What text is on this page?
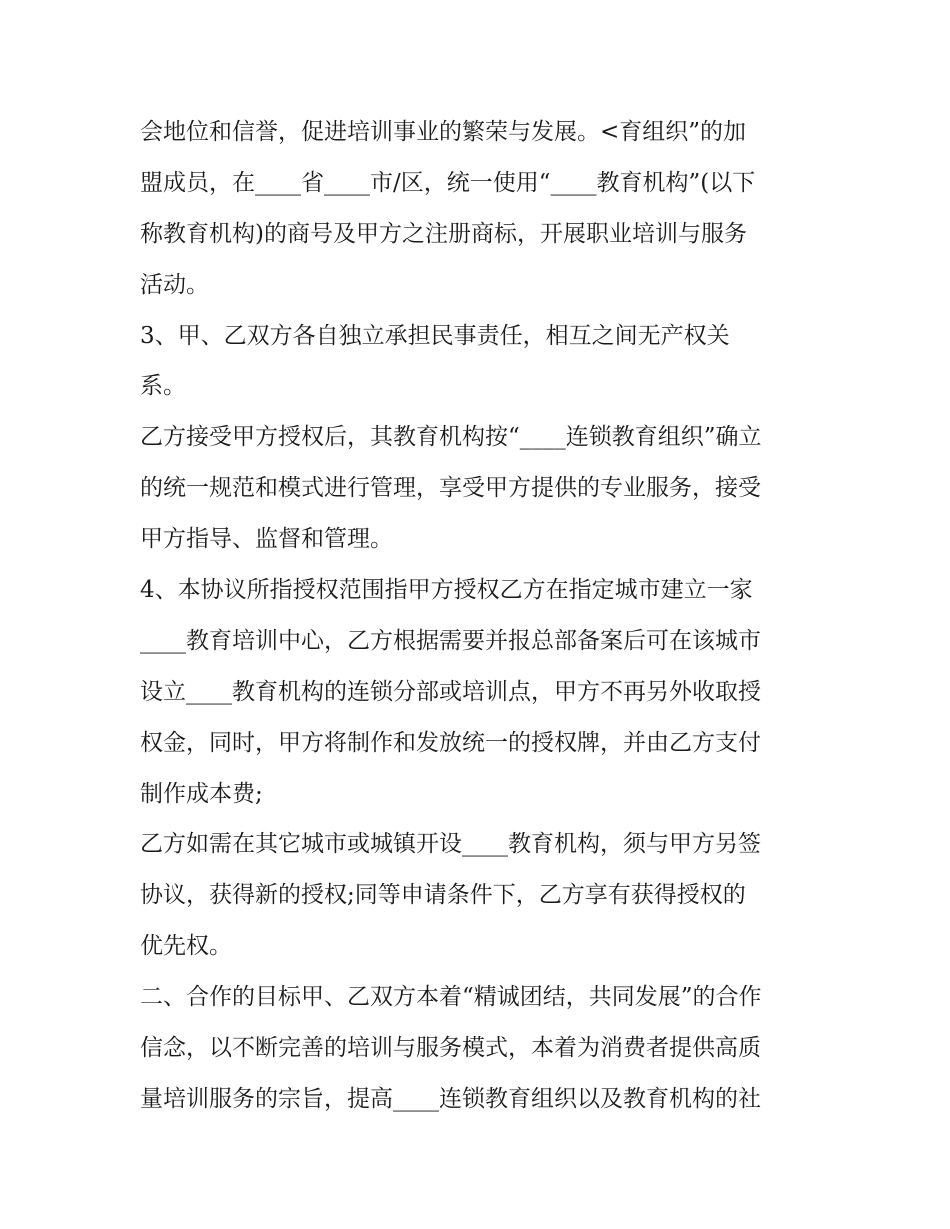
会地位和信誉，促进培训事业的繁荣与发展。<育组织”的加
盟成员，在____省____市/区，统一使用“____教育机构”(以下
称教育机构)的商号及甲方之注册商标，开展职业培训与服务
活动。
3、甲、乙双方各自独立承担民事责任，相互之间无产权关
系。
乙方接受甲方授权后，其教育机构按“____连锁教育组织”确立
的统一规范和模式进行管理，享受甲方提供的专业服务，接受
甲方指导、监督和管理。
4、本协议所指授权范围指甲方授权乙方在指定城市建立一家
____教育培训中心，乙方根据需要并报总部备案后可在该城市
设立____教育机构的连锁分部或培训点，甲方不再另外收取授
权金，同时，甲方将制作和发放统一的授权牌，并由乙方支付
制作成本费;
乙方如需在其它城市或城镇开设____教育机构，须与甲方另签
协议，获得新的授权;同等申请条件下，乙方享有获得授权的
优先权。
二、合作的目标甲、乙双方本着“精诚团结，共同发展”的合作
信念，以不断完善的培训与服务模式，本着为消费者提供高质
量培训服务的宗旨，提高____连锁教育组织以及教育机构的社
